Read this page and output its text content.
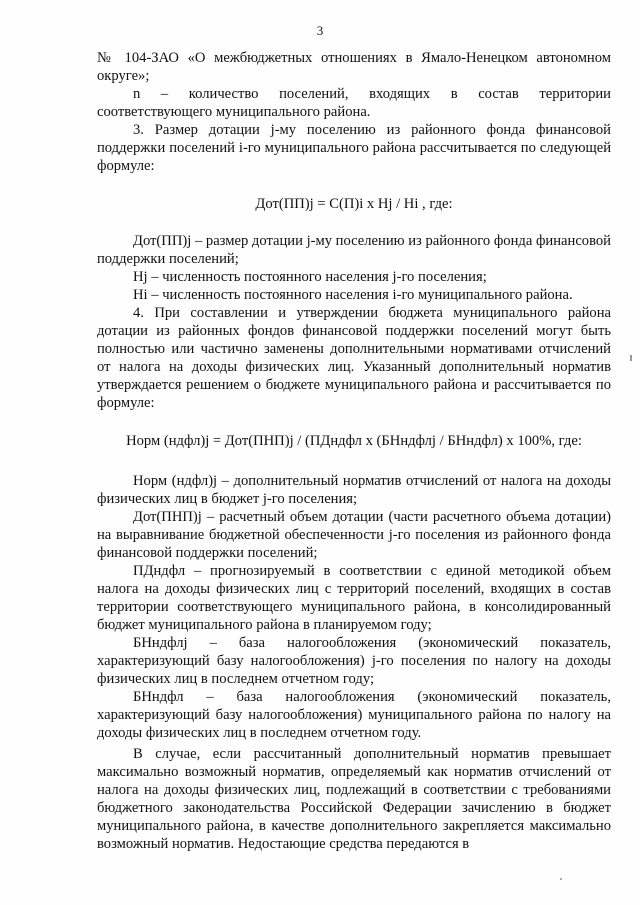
3

№ 104-ЗАО «О межбюджетных отношениях в Ямало-Ненецком автономном округе»;

n – количество поселений, входящих в состав территории соответствующего муниципального района.

3. Размер дотации j-му поселению из районного фонда финансовой поддержки поселений i-го муниципального района рассчитывается по следующей формуле:

Дот(ПП)j = С(П)i х Нj / Нi , где:

Дот(ПП)j – размер дотации j-му поселению из районного фонда финансовой поддержки поселений;

Нj – численность постоянного населения j-го поселения;

Нi – численность постоянного населения i-го муниципального района.

4. При составлении и утверждении бюджета муниципального района дотации из районных фондов финансовой поддержки поселений могут быть полностью или частично заменены дополнительными нормативами отчислений от налога на доходы физических лиц. Указанный дополнительный норматив утверждается решением о бюджете муниципального района и рассчитывается по формуле:

Норм (ндфл)j = Дот(ПНП)j / (ПДндфл х (БНндфлj / БНндфл) х 100%, где:

Норм (ндфл)j – дополнительный норматив отчислений от налога на доходы физических лиц в бюджет j-го поселения;

Дот(ПНП)j – расчетный объем дотации (части расчетного объема дотации) на выравнивание бюджетной обеспеченности j-го поселения из районного фонда финансовой поддержки поселений;

ПДндфл – прогнозируемый в соответствии с единой методикой объем налога на доходы физических лиц с территорий поселений, входящих в состав территории соответствующего муниципального района, в консолидированный бюджет муниципального района в планируемом году;

БНндфлj – база налогообложения (экономический показатель, характеризующий базу налогообложения) j-го поселения по налогу на доходы физических лиц в последнем отчетном году;

БНндфл – база налогообложения (экономический показатель, характеризующий базу налогообложения) муниципального района по налогу на доходы физических лиц в последнем отчетном году.

В случае, если рассчитанный дополнительный норматив превышает максимально возможный норматив, определяемый как норматив отчислений от налога на доходы физических лиц, подлежащий в соответствии с требованиями бюджетного законодательства Российской Федерации зачислению в бюджет муниципального района, в качестве дополнительного закрепляется максимально возможный норматив. Недостающие средства передаются в
